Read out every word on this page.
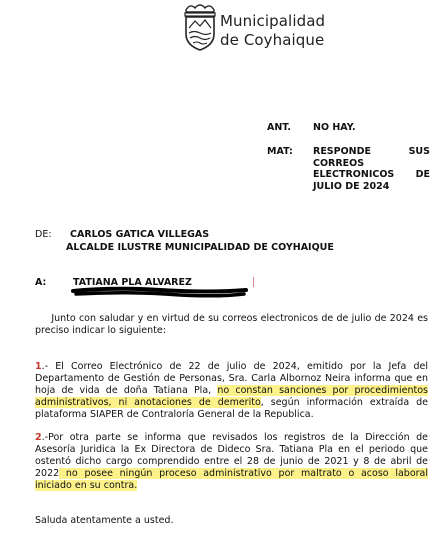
Municipalidad
de Coyhaique
ANT. NO HAY.
MAT: RESPONDE	SUS
CORREOS
ELECTRONICOS DE
JULIO DE 2024
DE: CARLOS GATICA VILLEGAS
ALCALDE ILUSTRE MUNICIPALIDAD DE COYHAIQUE
A:	TATIANA PLA ALVAREZ
Junto con saludar y en virtud de su correos electronicos de de julio de 2024 es preciso indicar lo siguiente:
1.- El Correo Electrónico de 22 de julio de 2024, emitido por la Jefa del Departamento de Gestión de Personas, Sra. Carla Albornoz Neira informa que en hoja de vida de doña Tatiana Pla, no constan sanciones por procedimientos administrativos, ni anotaciones de demerito, según información extraída de plataforma SIAPER de Contraloría General de la Republica.
2.-Por otra parte se informa que revisados los registros de la Dirección de Asesoría Juridica la Ex Directora de Dideco Sra. Tatiana Pla en el periodo que ostentó dicho cargo comprendido entre el 28 de junio de 2021 y 8 de abril de 2022 no posee ningún proceso administrativo por maltrato o acoso laboral iniciado en su contra.
Saluda atentamente a usted.
